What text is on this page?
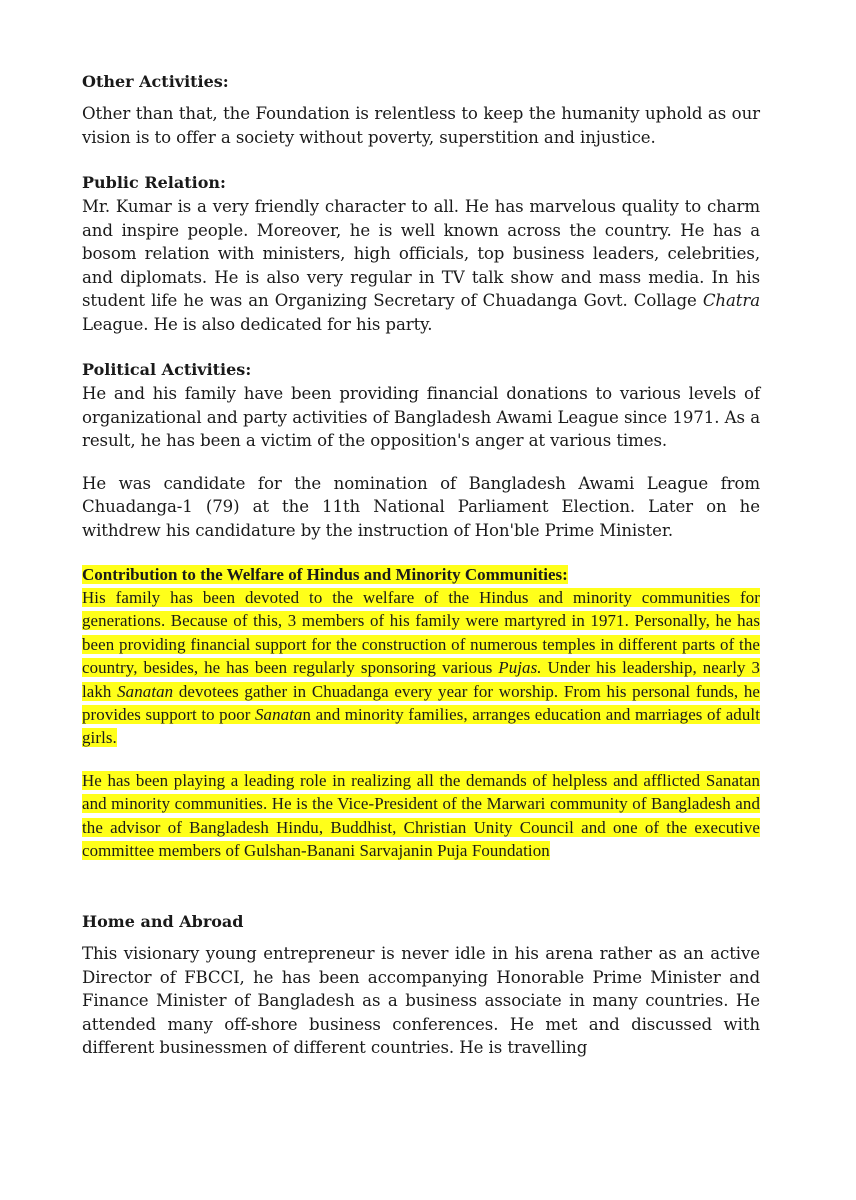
Other Activities:

Other than that, the Foundation is relentless to keep the humanity uphold as our vision is to offer a society without poverty, superstition and injustice.

Public Relation:

Mr. Kumar is a very friendly character to all. He has marvelous quality to charm and inspire people. Moreover, he is well known across the country. He has a bosom relation with ministers, high officials, top business leaders, celebrities, and diplomats. He is also very regular in TV talk show and mass media. In his student life he was an Organizing Secretary of Chuadanga Govt. Collage Chatra League. He is also dedicated for his party.

Political Activities:

He and his family have been providing financial donations to various levels of organizational and party activities of Bangladesh Awami League since 1971. As a result, he has been a victim of the opposition's anger at various times.

He was candidate for the nomination of Bangladesh Awami League from Chuadanga-1 (79) at the 11th National Parliament Election. Later on he withdrew his candidature by the instruction of Hon'ble Prime Minister.

Contribution to the Welfare of Hindus and Minority Communities:

His family has been devoted to the welfare of the Hindus and minority communities for generations. Because of this, 3 members of his family were martyred in 1971. Personally, he has been providing financial support for the construction of numerous temples in different parts of the country, besides, he has been regularly sponsoring various Pujas. Under his leadership, nearly 3 lakh Sanatan devotees gather in Chuadanga every year for worship. From his personal funds, he provides support to poor Sanatan and minority families, arranges education and marriages of adult girls.

He has been playing a leading role in realizing all the demands of helpless and afflicted Sanatan and minority communities. He is the Vice-President of the Marwari community of Bangladesh and the advisor of Bangladesh Hindu, Buddhist, Christian Unity Council and one of the executive committee members of Gulshan-Banani Sarvajanin Puja Foundation

Home and Abroad

This visionary young entrepreneur is never idle in his arena rather as an active Director of FBCCI, he has been accompanying Honorable Prime Minister and Finance Minister of Bangladesh as a business associate in many countries. He attended many off-shore business conferences. He met and discussed with different businessmen of different countries. He is travelling
